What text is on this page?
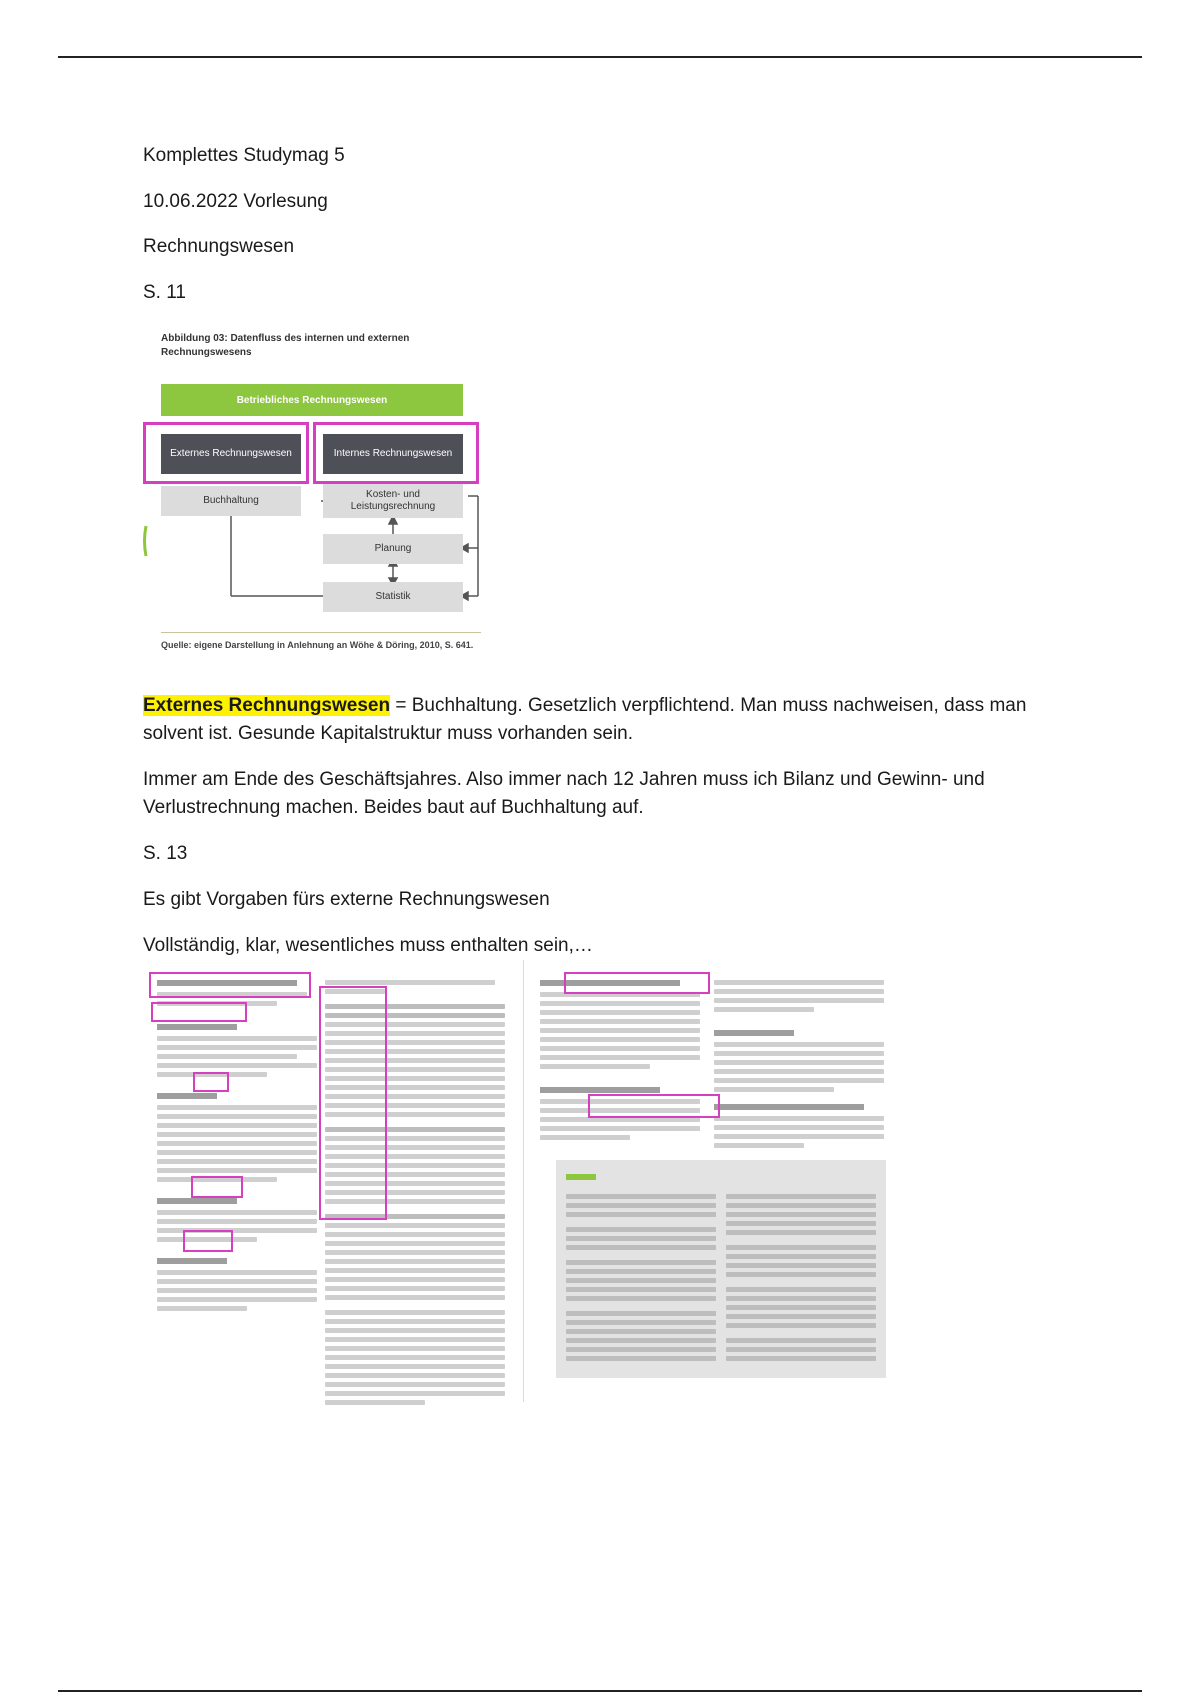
Komplettes Studymag 5

10.06.2022 Vorlesung

Rechnungswesen

S. 11

Abbildung 03: Datenfluss des internen und externen Rechnungswesens
Betriebliches Rechnungswesen
Externes Rechnungswesen	Internes Rechnungswesen
Buchhaltung
Kosten- und Leistungsrechnung
Planung
Statistik
Quelle: eigene Darstellung in Anlehnung an Wöhe & Döring, 2010, S. 641.

Externes Rechnungswesen = Buchhaltung. Gesetzlich verpflichtend. Man muss nachweisen, dass man solvent ist. Gesunde Kapitalstruktur muss vorhanden sein.

Immer am Ende des Geschäftsjahres. Also immer nach 12 Jahren muss ich Bilanz und Gewinn- und Verlustrechnung machen. Beides baut auf Buchhaltung auf.

S. 13

Es gibt Vorgaben fürs externe Rechnungswesen

Vollständig, klar, wesentliches muss enthalten sein,…
